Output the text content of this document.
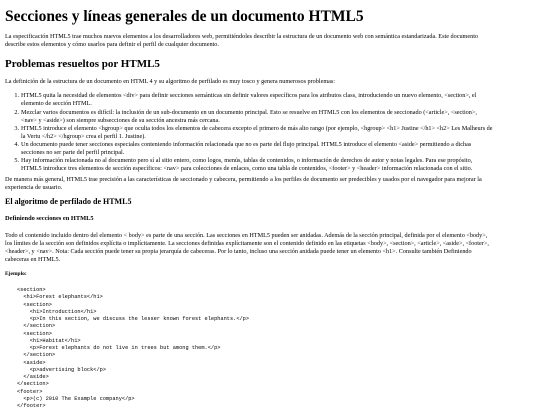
Secciones y líneas generales de un documento HTML5

La especificación HTML5 trae muchos nuevos elementos a los desarrolladores web, permitiéndoles describir la estructura de un documento web con semántica estandarizada. Este documento

describe estos elementos y cómo usarlos para definir el perfil de cualquier documento.

Problemas resueltos por HTML5

La definición de la estructura de un documento en HTML 4 y su algoritmo de perfilado es muy tosco y genera numerosos problemas:

1. HTML5 quita la necesidad de elementos <div> para definir secciones semánticas sin definir valores específicos para los atributos class, introduciendo un nuevo elemento, <section>, el
elemento de sección HTML.
2. Mezclar varios documentos es difícil: la inclusión de un sub-documento en un documento principal. Esto se resuelve en HTML5 con los elementos de seccionado (<article>, <section>,
<nav> y <aside>) son siempre subsecciones de su sección ancestra más cercana.
3. HTML5 introduce el elemento <hgroup> que oculta todos los elementos de cabecera excepto el primero de más alto rango (por ejemplo, <hgroup> <h1> Justine </h1> <h2> Les Malheurs de
la Vertu </h2> </hgroup> crea el perfil 1. Justine).
4. Un documento puede tener secciones especiales conteniendo información relacionada que no es parte del flujo principal. HTML5 introduce el elemento <aside> permitiendo a dichas
secciones no ser parte del perfil principal.
5. Hay información relacionada no al documento pero sí al sitio entero, como logos, menús, tablas de contenidos, o información de derechos de autor y notas legales. Para ese propósito,
HTML5 introduce tres elementos de sección específicos: <nav> para colecciones de enlaces, como una tabla de contenidos, <footer> y <header> información relacionada con el sitio.

De manera más general, HTML5 trae precisión a las características de seccionado y cabecera, permitiendo a los perfiles de documento ser predecibles y usados por el navegador para mejorar la

experiencia de usuario.

El algoritmo de perfilado de HTML5
Definiendo secciones en HTML5

Todo el contenido incluido dentro del elemento < body> es parte de una sección. Las secciones en HTML5 pueden ser anidadas. Además de la sección principal, definida por el elemento <body>,

los límites de la sección son definidos explícita o implícitamente. La secciones definidas explícitamente son el contenido definido en las etiquetas <body>, <section>, <article>, <aside>, <footer>,

<header>, y <nav>. Nota: Cada sección puede tener su propia jerarquía de cabeceras. Por lo tanto, incluso una sección anidada puede tener un elemento <h1>. Consulte también Definiendo

cabeceras en HTML5.

Ejemplo:
<section>
<h1>Forest elephants</h1>
<section>
<h1>Introduction</h1>
<p>In this section, we discuss the lesser known forest elephants.</p>
</section>
<section>
<h1>Habitat</h1>
<p>Forest elephants do not live in trees but among them.</p>
</section>
<aside>
<p>advertising block</p>
</aside>
</section>
<footer>
<p>(c) 2010 The Example company</p>
</footer>
